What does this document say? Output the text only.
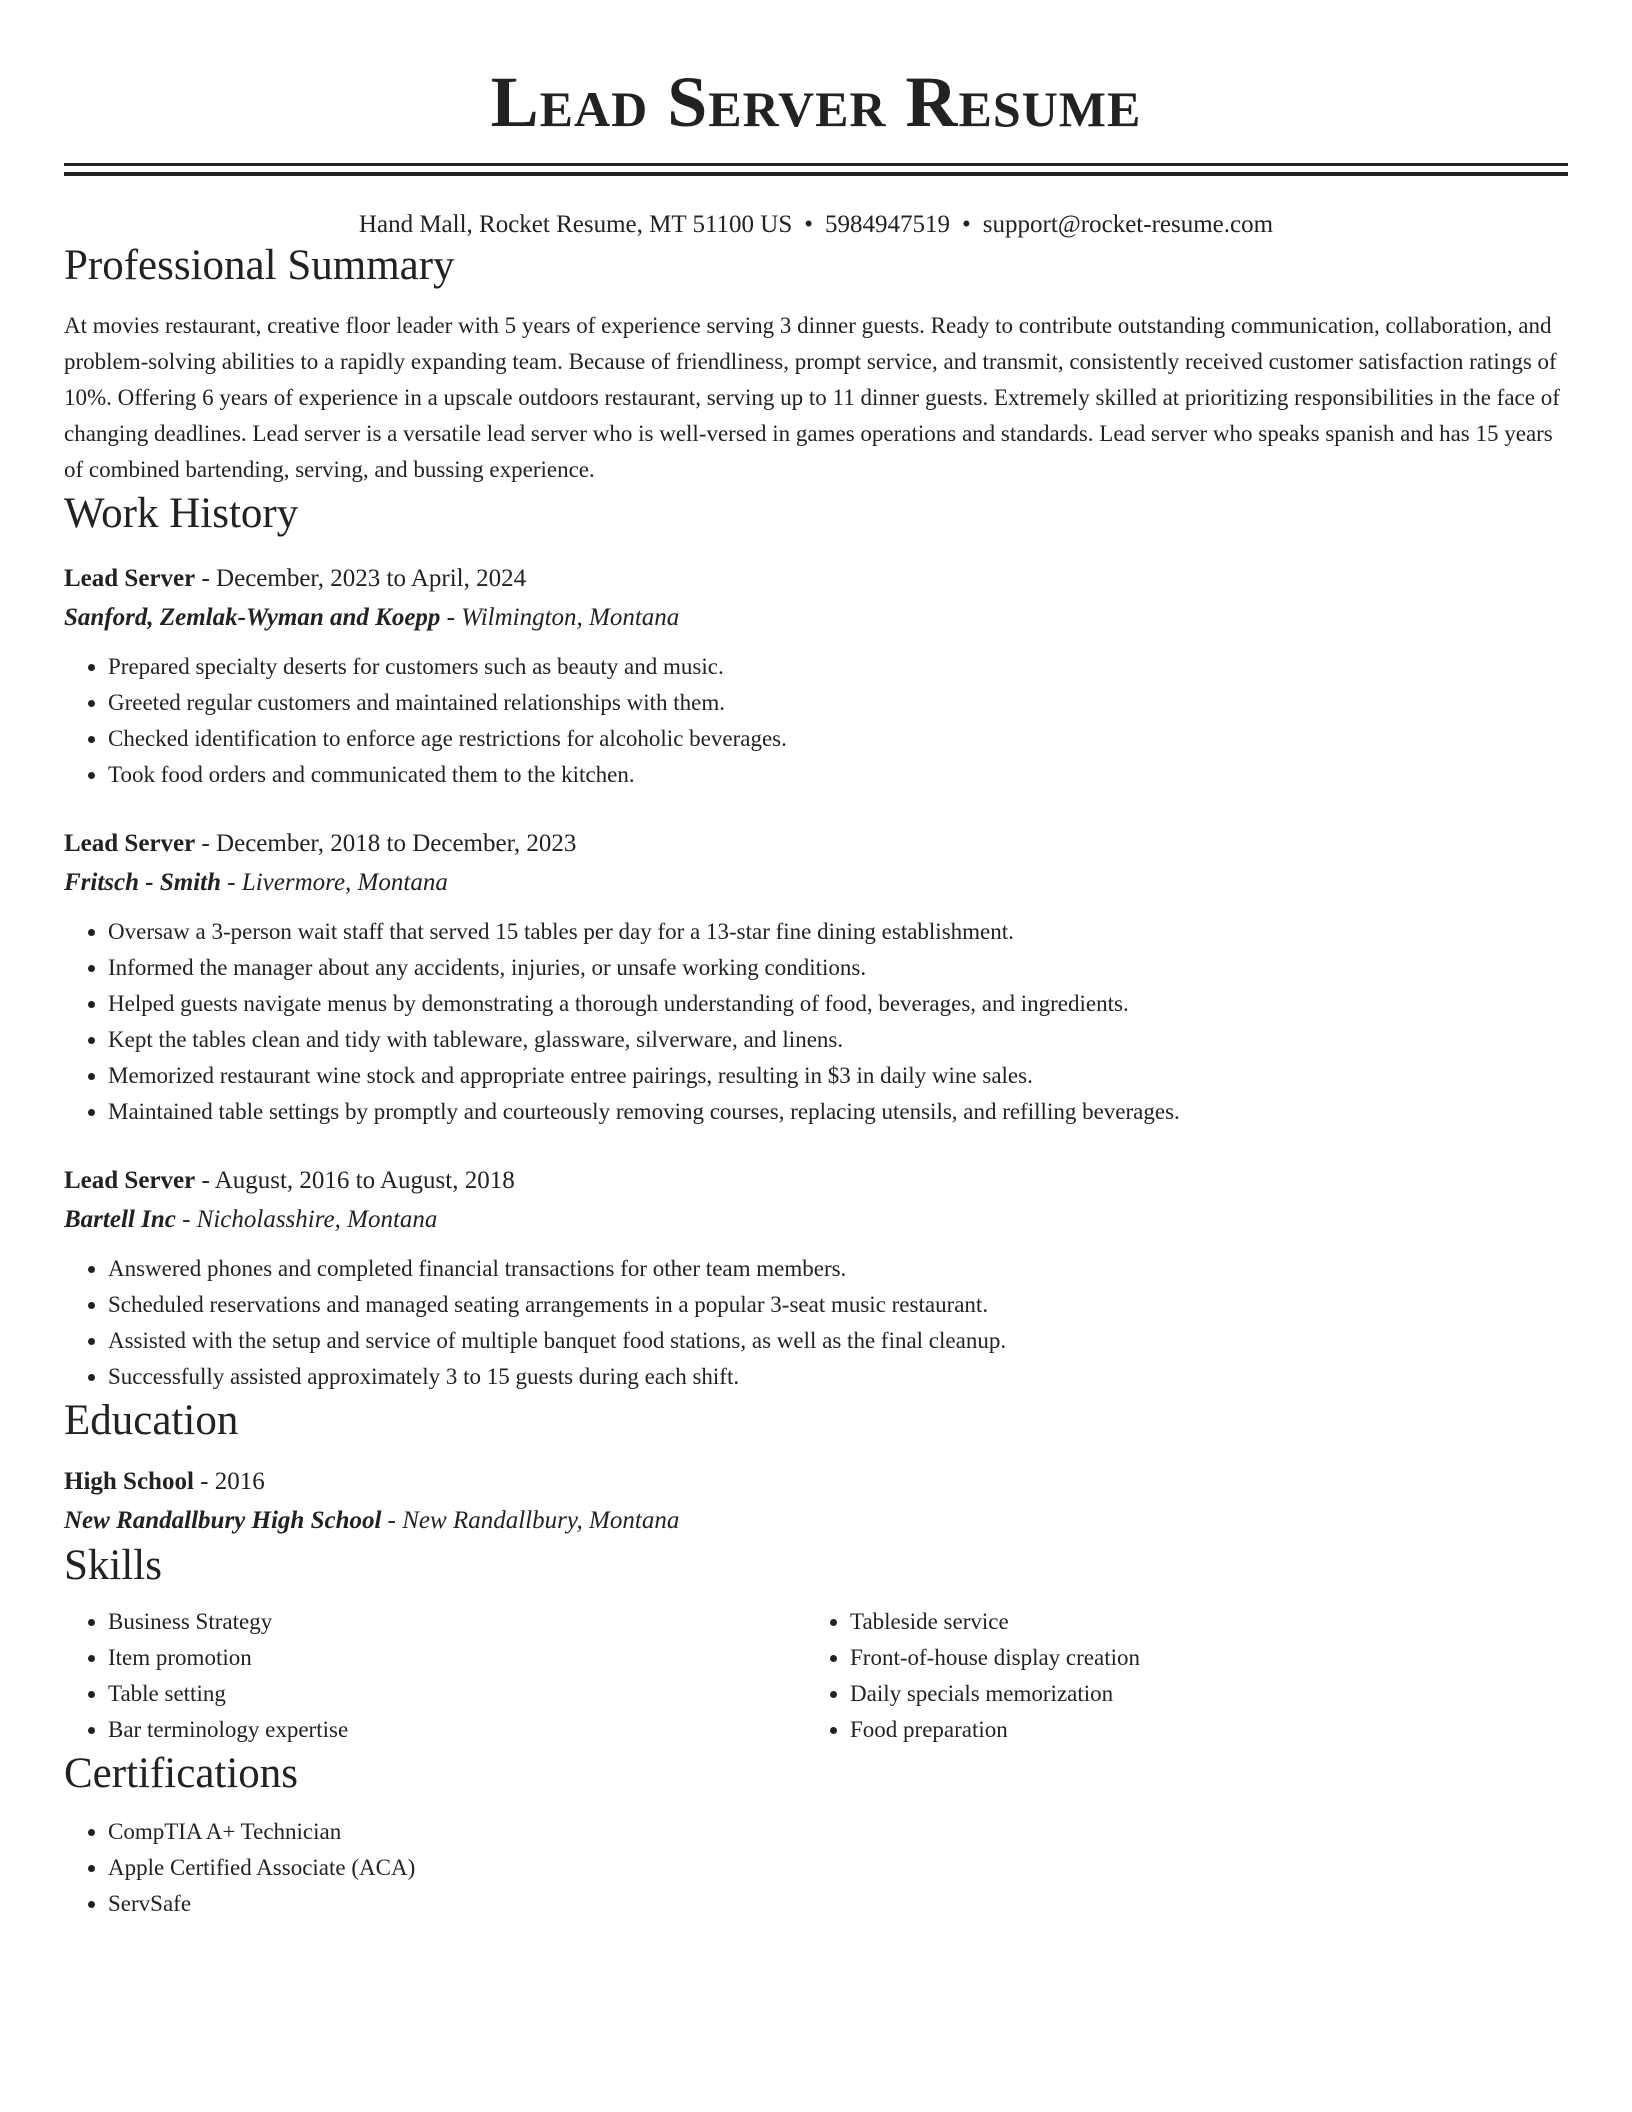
Lead Server Resume
Hand Mall, Rocket Resume, MT 51100 US • 5984947519 • support@rocket-resume.com
Professional Summary

At movies restaurant, creative floor leader with 5 years of experience serving 3 dinner guests. Ready to contribute outstanding communication, collaboration, and problem-solving abilities to a rapidly expanding team. Because of friendliness, prompt service, and transmit, consistently received customer satisfaction ratings of 10%. Offering 6 years of experience in a upscale outdoors restaurant, serving up to 11 dinner guests. Extremely skilled at prioritizing responsibilities in the face of changing deadlines. Lead server is a versatile lead server who is well-versed in games operations and standards. Lead server who speaks spanish and has 15 years of combined bartending, serving, and bussing experience.

Work History
Lead Server - December, 2023 to April, 2024
Sanford, Zemlak-Wyman and Koepp - Wilmington, Montana
• Prepared specialty deserts for customers such as beauty and music.
• Greeted regular customers and maintained relationships with them.
• Checked identification to enforce age restrictions for alcoholic beverages.
• Took food orders and communicated them to the kitchen.
Lead Server - December, 2018 to December, 2023
Fritsch - Smith - Livermore, Montana
• Oversaw a 3-person wait staff that served 15 tables per day for a 13-star fine dining establishment.
• Informed the manager about any accidents, injuries, or unsafe working conditions.
• Helped guests navigate menus by demonstrating a thorough understanding of food, beverages, and ingredients.
• Kept the tables clean and tidy with tableware, glassware, silverware, and linens.
• Memorized restaurant wine stock and appropriate entree pairings, resulting in $3 in daily wine sales.
• Maintained table settings by promptly and courteously removing courses, replacing utensils, and refilling beverages.
Lead Server - August, 2016 to August, 2018
Bartell Inc - Nicholasshire, Montana
• Answered phones and completed financial transactions for other team members.
• Scheduled reservations and managed seating arrangements in a popular 3-seat music restaurant.
• Assisted with the setup and service of multiple banquet food stations, as well as the final cleanup.
• Successfully assisted approximately 3 to 15 guests during each shift.
Education
High School - 2016
New Randallbury High School - New Randallbury, Montana
Skills
• Business Strategy
• Item promotion
• Table setting
• Bar terminology expertise
• Tableside service
• Front-of-house display creation
• Daily specials memorization
• Food preparation
Certifications
• CompTIA A+ Technician
• Apple Certified Associate (ACA)
• ServSafe
